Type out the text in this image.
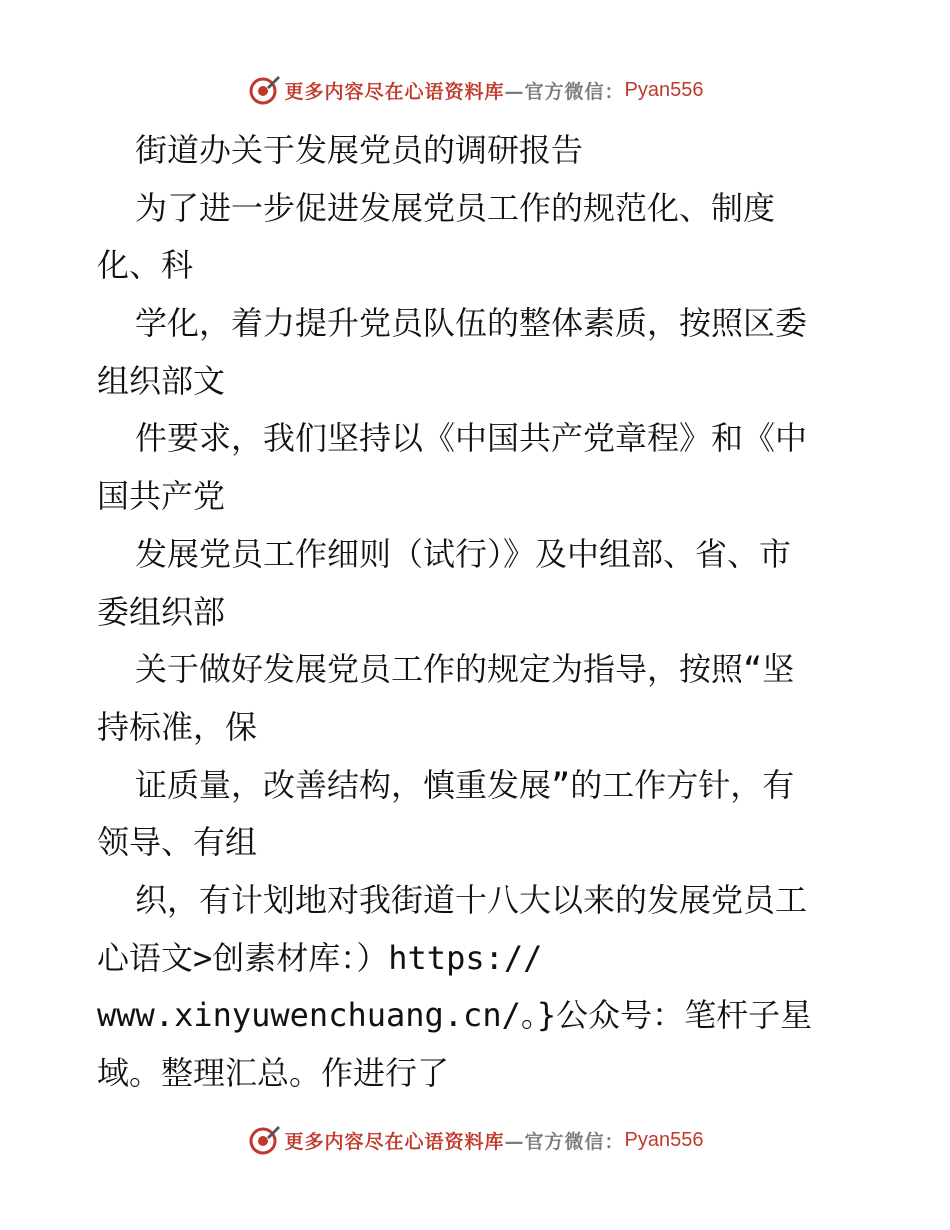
更多内容尽在心语资料库 —官方微信： Pyan556
街道办关于发展党员的调研报告
为了进一步促进发展党员工作的规范化、制度
化、科
学化，着力提升党员队伍的整体素质，按照区委
组织部文
件要求，我们坚持以《中国共产党章程》和《中
国共产党
发展党员工作细则（试行）》及中组部、省、市
委组织部
关于做好发展党员工作的规定为指导，按照“坚
持标准，保
证质量，改善结构，慎重发展”的工作方针，有
领导、有组
织，有计划地对我街道十八大以来的发展党员工
心语文>创素材库：）https://
www.xinyuwenchuang.cn/。}公众号：笔杆子星
域。整理汇总。作进行了
更多内容尽在心语资料库 —官方微信： Pyan556
